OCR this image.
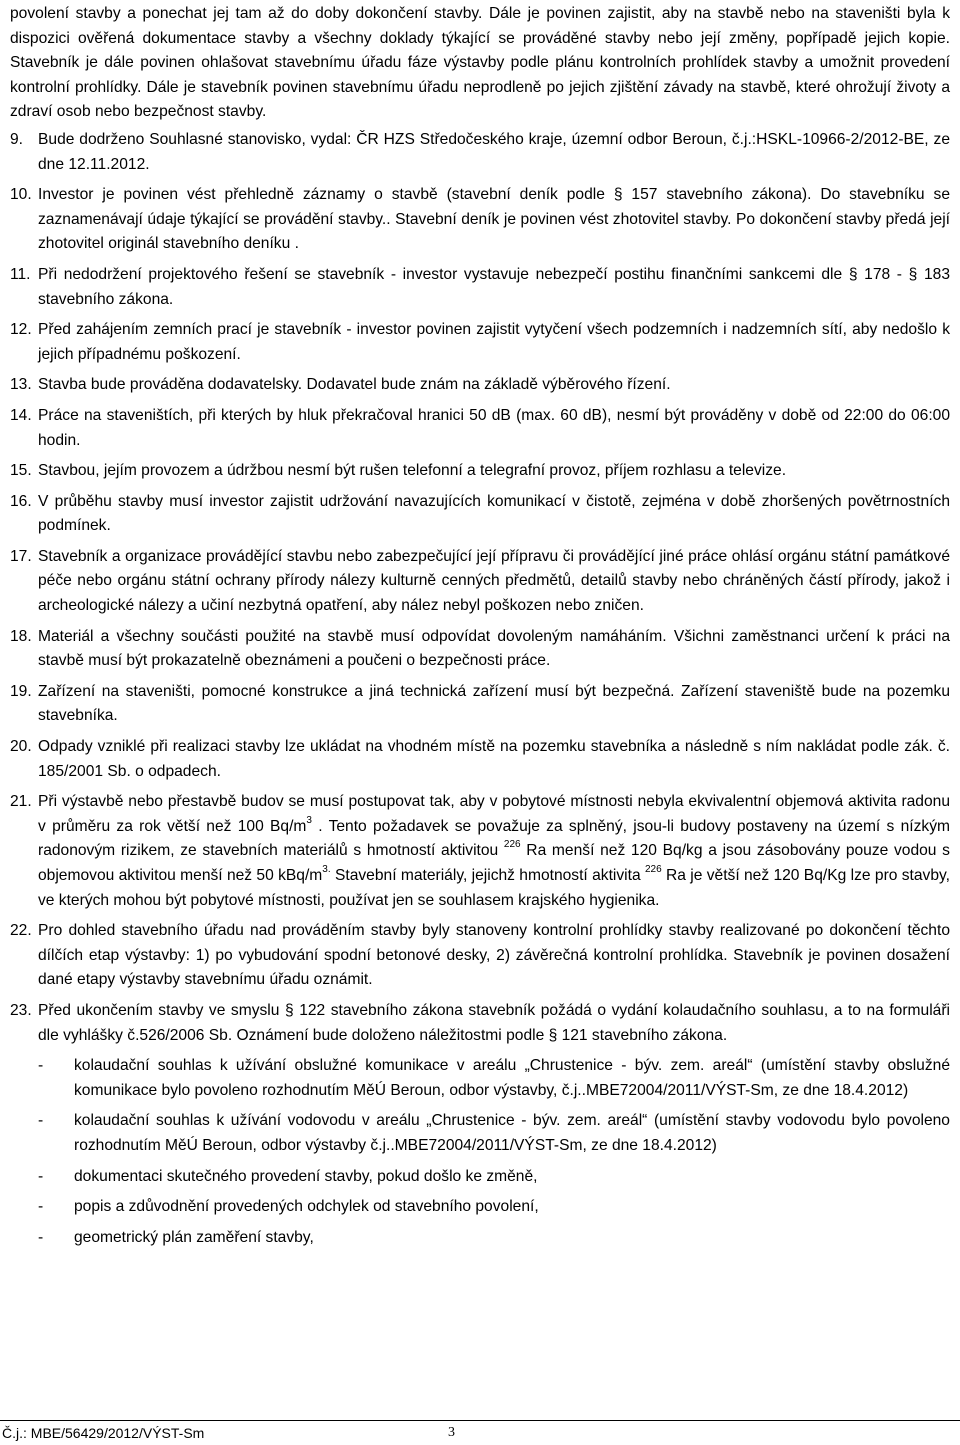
povolení stavby a ponechat jej tam až do doby dokončení stavby. Dále je povinen zajistit, aby na stavbě nebo na staveništi byla k dispozici ověřená dokumentace stavby a všechny doklady týkající se prováděné stavby nebo její změny, popřípadě jejich kopie. Stavebník je dále povinen ohlašovat stavebnímu úřadu fáze výstavby podle plánu kontrolních prohlídek stavby a umožnit provedení kontrolní prohlídky. Dále je stavebník povinen stavebnímu úřadu neprodleně po jejich zjištění závady na stavbě, které ohrožují životy a zdraví osob nebo bezpečnost stavby.

9. Bude dodrženo Souhlasné stanovisko, vydal: ČR HZS Středočeského kraje, územní odbor Beroun, č.j.:HSKL-10966-2/2012-BE, ze dne 12.11.2012.
10. Investor je povinen vést přehledně záznamy o stavbě (stavební deník podle § 157 stavebního zákona). Do stavebníku se zaznamenávají údaje týkající se provádění stavby.. Stavební deník je povinen vést zhotovitel stavby. Po dokončení stavby předá její zhotovitel originál stavebního deníku .
11. Při nedodržení projektového řešení se stavebník - investor vystavuje nebezpečí postihu finančními sankcemi dle § 178 - § 183 stavebního zákona.
12. Před zahájením zemních prací je stavebník - investor povinen zajistit vytyčení všech podzemních i nadzemních sítí, aby nedošlo k jejich případnému poškození.
13. Stavba bude prováděna dodavatelsky. Dodavatel bude znám na základě výběrového řízení.
14. Práce na staveništích, při kterých by hluk překračoval hranici 50 dB (max. 60 dB), nesmí být prováděny v době od 22:00 do 06:00 hodin.
15. Stavbou, jejím provozem a údržbou nesmí být rušen telefonní a telegrafní provoz, příjem rozhlasu a televize.
16. V průběhu stavby musí investor zajistit udržování navazujících komunikací v čistotě, zejména v době zhoršených povětrnostních podmínek.
17. Stavebník a organizace provádějící stavbu nebo zabezpečující její přípravu či provádějící jiné práce ohlásí orgánu státní památkové péče nebo orgánu státní ochrany přírody nálezy kulturně cenných předmětů, detailů stavby nebo chráněných částí přírody, jakož i archeologické nálezy a učiní nezbytná opatření, aby nález nebyl poškozen nebo zničen.
18. Materiál a všechny součásti použité na stavbě musí odpovídat dovoleným namáháním. Všichni zaměstnanci určení k práci na stavbě musí být prokazatelně obeznámeni a poučeni o bezpečnosti práce.
19. Zařízení na staveništi, pomocné konstrukce a jiná technická zařízení musí být bezpečná. Zařízení staveniště bude na pozemku stavebníka.
20. Odpady vzniklé při realizaci stavby lze ukládat na vhodném místě na pozemku stavebníka a následně s ním nakládat podle zák. č. 185/2001 Sb. o odpadech.
21. Při výstavbě nebo přestavbě budov se musí postupovat tak, aby v pobytové místnosti nebyla ekvivalentní objemová aktivita radonu v průměru za rok větší než 100 $Bq/m^3$ . Tento požadavek se považuje za splněný, jsou-li budovy postaveny na území s nízkým radonovým rizikem, ze stavebních materiálů s hmotností aktivitou $^{226}$ Ra menší než 120 Bq/kg a jsou zásobovány pouze vodou s objemovou aktivitou menší než 50 kBq/$m^{3.}$ Stavební materiály, jejichž hmotností aktivita $^{226}$ Ra je větší než 120 Bq/Kg lze pro stavby, ve kterých mohou být pobytové místnosti, používat jen se souhlasem krajského hygienika.
22. Pro dohled stavebního úřadu nad prováděním stavby byly stanoveny kontrolní prohlídky stavby realizované po dokončení těchto dílčích etap výstavby: 1) po vybudování spodní betonové desky, 2) závěrečná kontrolní prohlídka. Stavebník je povinen dosažení dané etapy výstavby stavebnímu úřadu oznámit.
23. Před ukončením stavby ve smyslu § 122 stavebního zákona stavebník požádá o vydání kolaudačního souhlasu, a to na formuláři dle vyhlášky č.526/2006 Sb. Oznámení bude doloženo náležitostmi podle § 121 stavebního zákona.
- kolaudační souhlas k užívání obslužné komunikace v areálu „Chrustenice - býv. zem. areál“ (umístění stavby obslužné komunikace bylo povoleno rozhodnutím MěÚ Beroun, odbor výstavby, č.j..MBE72004/2011/VÝST-Sm, ze dne 18.4.2012)
- kolaudační souhlas k užívání vodovodu v areálu „Chrustenice - býv. zem. areál“ (umístění stavby vodovodu bylo povoleno rozhodnutím MěÚ Beroun, odbor výstavby č.j..MBE72004/2011/VÝST-Sm, ze dne 18.4.2012)
- dokumentaci skutečného provedení stavby, pokud došlo ke změně,
- popis a zdůvodnění provedených odchylek od stavebního povolení,
- geometrický plán zaměření stavby,
Č.j.: MBE/56429/2012/VÝST-Sm	3
